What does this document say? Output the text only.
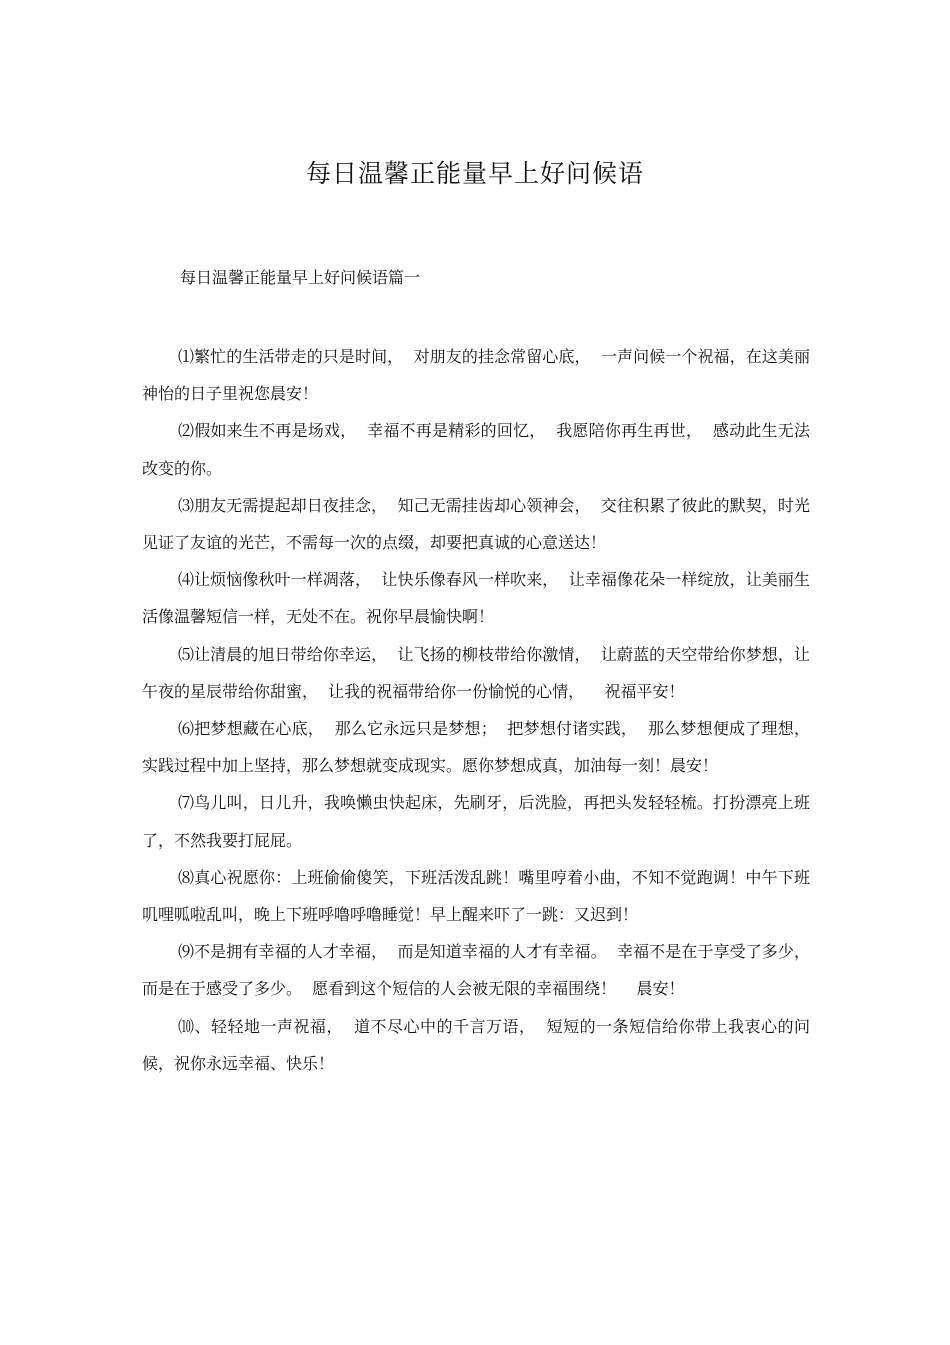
每日温馨正能量早上好问候语
每日温馨正能量早上好问候语篇一

⑴繁忙的生活带走的只是时间，  对朋友的挂念常留心底，  一声问候一个祝福，在这美丽神怡的日子里祝您晨安！

⑵假如来生不再是场戏，  幸福不再是精彩的回忆，  我愿陪你再生再世，  感动此生无法改变的你。

⑶朋友无需提起却日夜挂念，  知己无需挂齿却心领神会，  交往积累了彼此的默契，时光见证了友谊的光芒，不需每一次的点缀，却要把真诚的心意送达！

⑷让烦恼像秋叶一样凋落，  让快乐像春风一样吹来，  让幸福像花朵一样绽放，让美丽生活像温馨短信一样，无处不在。祝你早晨愉快啊！

⑸让清晨的旭日带给你幸运，  让飞扬的柳枝带给你激情，  让蔚蓝的天空带给你梦想，让午夜的星辰带给你甜蜜，  让我的祝福带给你一份愉悦的心情，    祝福平安！

⑹把梦想藏在心底，  那么它永远只是梦想；  把梦想付诸实践，  那么梦想便成了理想，实践过程中加上坚持，那么梦想就变成现实。愿你梦想成真，加油每一刻！晨安！

⑺鸟儿叫，日儿升，我唤懒虫快起床，先刷牙，后洗脸，再把头发轻轻梳。打扮漂亮上班了，不然我要打屁屁。

⑻真心祝愿你：上班偷偷傻笑，下班活泼乱跳！嘴里哼着小曲，不知不觉跑调！中午下班叽哩呱啦乱叫，晚上下班呼噜呼噜睡觉！早上醒来吓了一跳：又迟到！

⑼不是拥有幸福的人才幸福，  而是知道幸福的人才有幸福。  幸福不是在于享受了多少，  而是在于感受了多少。  愿看到这个短信的人会被无限的幸福围绕！    晨安！

⑽、轻轻地一声祝福，  道不尽心中的千言万语，  短短的一条短信给你带上我衷心的问候，祝你永远幸福、快乐！
